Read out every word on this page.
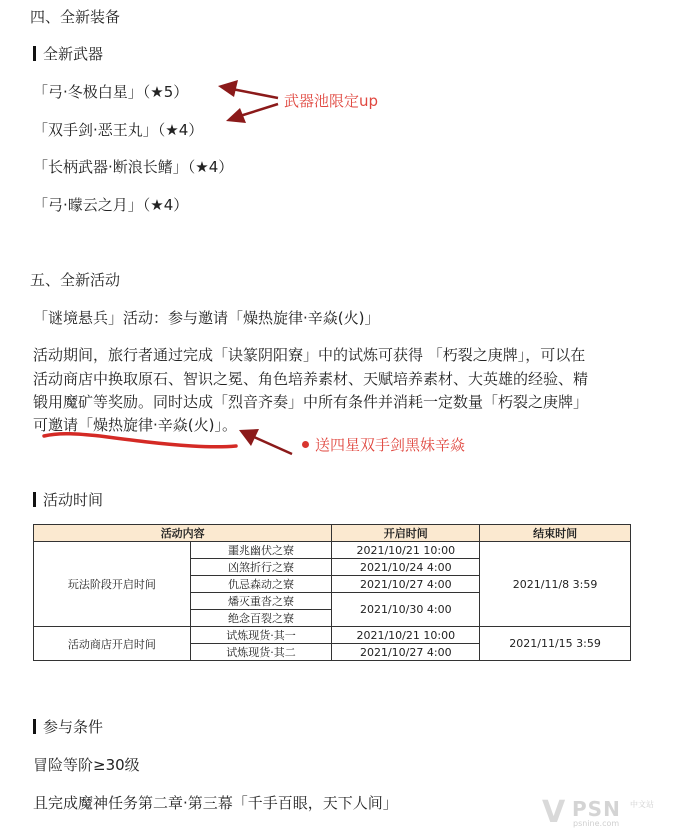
四、全新装备
全新武器
「弓·冬极白星」（★5）
「双手剑·恶王丸」（★4）
「长柄武器·断浪长鳍」（★4）
「弓·曚云之月」（★4）
武器池限定up
五、全新活动
「谜境悬兵」活动：参与邀请「燥热旋律·辛焱(火)」
活动期间，旅行者通过完成「诀篆阴阳寮」中的试炼可获得 「朽裂之庚牌」，可以在
活动商店中换取原石、智识之冕、角色培养素材、天赋培养素材、大英雄的经验、精
锻用魔矿等奖励。同时达成「烈音齐奏」中所有条件并消耗一定数量「朽裂之庚牌」
可邀请「燥热旋律·辛焱(火)」。
送四星双手剑黑妹辛焱
活动时间
活动内容		开启时间	结束时间
玩法阶段开启时间	噩兆幽伏之寮	2021/10/21 10:00	2021/11/8 3:59
	凶煞折行之寮	2021/10/24 4:00	
	仇忌森动之寮	2021/10/27 4:00	
	燔灭重沓之寮	2021/10/30 4:00	
	绝念百裂之寮		
活动商店开启时间	试炼现货·其一	2021/10/21 10:00	2021/11/15 3:59
	试炼现货·其二	2021/10/27 4:00	
参与条件
冒险等阶≥30级
且完成魔神任务第二章·第三幕「千手百眼，天下人间」	V PSN 中文站
psnine.com
